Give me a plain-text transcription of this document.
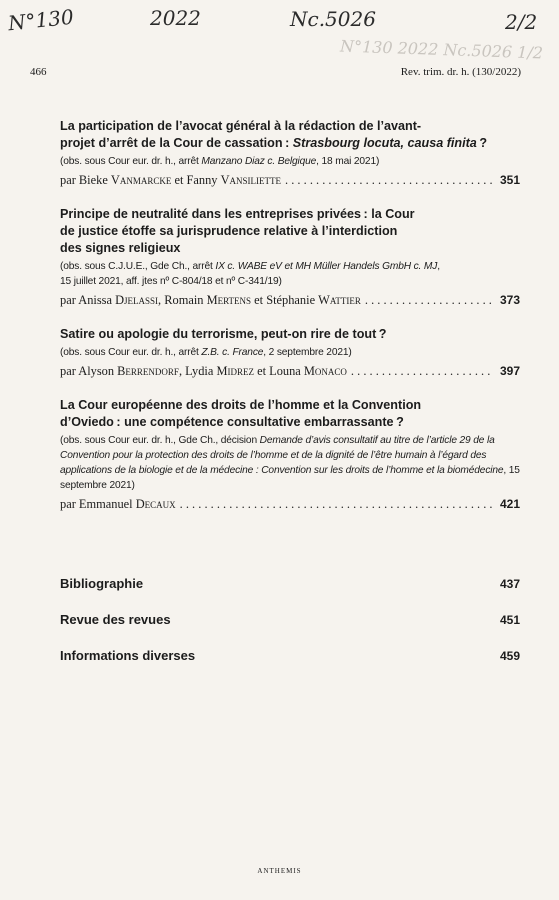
N°130	2022	Nc.5026	2/2
N°130 2022 Nc.5026 1/2
466	Rev. trim. dr. h. (130/2022)

La participation de l’avocat général à la rédaction de l’avant-
projet d’arrêt de la Cour de cassation : Strasbourg locuta, causa finita ?

(obs. sous Cour eur. dr. h., arrêt Manzano Diaz c. Belgique, 18 mai 2021)

par Bieke Vanmarcke et Fanny Vansiliette . . .	351

Principe de neutralité dans les entreprises privées : la Cour
de justice étoffe sa jurisprudence relative à l’interdiction
des signes religieux

(obs. sous C.J.U.E., Gde Ch., arrêt IX c. WABE eV et MH Müller Handels GmbH c. MJ,
15 juillet 2021, aff. jtes nº C-804/18 et nº C-341/19)

par Anissa Djelassi, Romain Mertens et Stéphanie Wattier . . .	373

Satire ou apologie du terrorisme, peut-on rire de tout ?

(obs. sous Cour eur. dr. h., arrêt Z.B. c. France, 2 septembre 2021)

par Alyson Berrendorf, Lydia Midrez et Louna Monaco . . .	397

La Cour européenne des droits de l’homme et la Convention
d’Oviedo : une compétence consultative embarrassante ?

(obs. sous Cour eur. dr. h., Gde Ch., décision Demande d’avis consultatif au titre de l’article 29 de la Convention pour la protection des droits de l’homme et de la dignité de l’être humain à l’égard des applications de la biologie et de la médecine : Convention sur les droits de l’homme et la biomédecine, 15 septembre 2021)

par Emmanuel Decaux . . .	421
Bibliographie	437
Revue des revues	451
Informations diverses	459
ANTHEMIS
